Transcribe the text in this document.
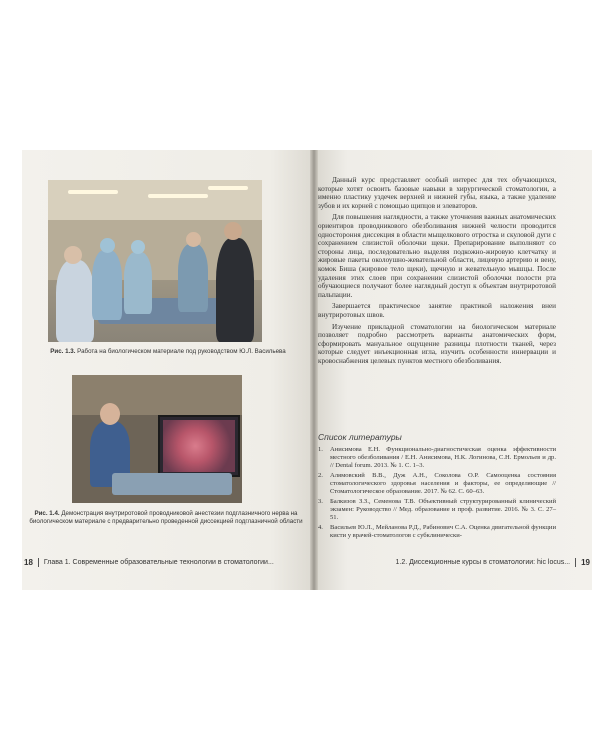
Рис. 1.3. Работа на биологическом материале под руководством Ю.Л. Васильева
Рис. 1.4. Демонстрация внутриротовой проводниковой анестезии подглазничного нерва на биологическом материале с предварительно проведенной диссекцией подглазничной области
18	Глава 1. Современные образовательные технологии в стоматологии...	1.2. Диссекционные курсы в стоматологии: hic locus...	19

Данный курс представляет особый интерес для тех обучающихся, которые хотят освоить базовые навыки в хирургической стоматологии, а именно пластику уздечек верхней и нижней губы, языка, а также удаление зубов и их корней с помощью щипцов и элеваторов.

Для повышения наглядности, а также уточнения важных анатомических ориентиров проводникового обезболивания нижней челюсти проводится одностороння диссекция в области мыщелкового отростка и скуловой дуги с сохранением слизистой оболочки щеки. Препарирование выполняют со стороны лица, последовательно выделяя подкожно-жировую клетчатку и жировые пакеты околоушно-жевательной области, лицевую артерию и вену, комок Биша (жировое тело щеки), щечную и жевательную мышцы. После удаления этих слоев при сохранении слизистой оболочки полости рта обучающиеся получают более наглядный доступ к объектам внутриротовой пальпации.

Завершается практическое занятие практикой наложения внеи внутриротовых швов.

Изучение прикладной стоматологии на биологическом материале позволяет подробно рассмотреть варианты анатомических форм, сформировать мануальное ощущение разницы плотности тканей, через которые следует инъекционная игла, изучить особенности иннервации и кровоснабжения целевых пунктов местного обезболивания.

Список литературы
1.	Анисимова Е.Н. Функционально-диагностическая оценка эффективности местного обезболивания / Е.Н. Анисимова, Н.К. Логинова, С.Н. Ермольев и др. // Dental forum. 2013. № 1. С. 1–3.
2.	Алямовский В.В., Дуж А.Н., Соколова О.Р. Самооценка состояния стоматологического здоровья населения и факторы, ее определяющие // Стоматологическое образование. 2017. № 62. С. 60–63.
3.	Балкизов З.З., Семенова Т.В. Объективный структурированный клинический экзамен: Руководство // Мед. образование и проф. развитие. 2016. № 3. С. 27–51.
4.	Васильев Ю.Л., Мейланова Р.Д., Рабинович С.А. Оценка двигательной функции кисти у врачей-стоматологов с субклинически-
